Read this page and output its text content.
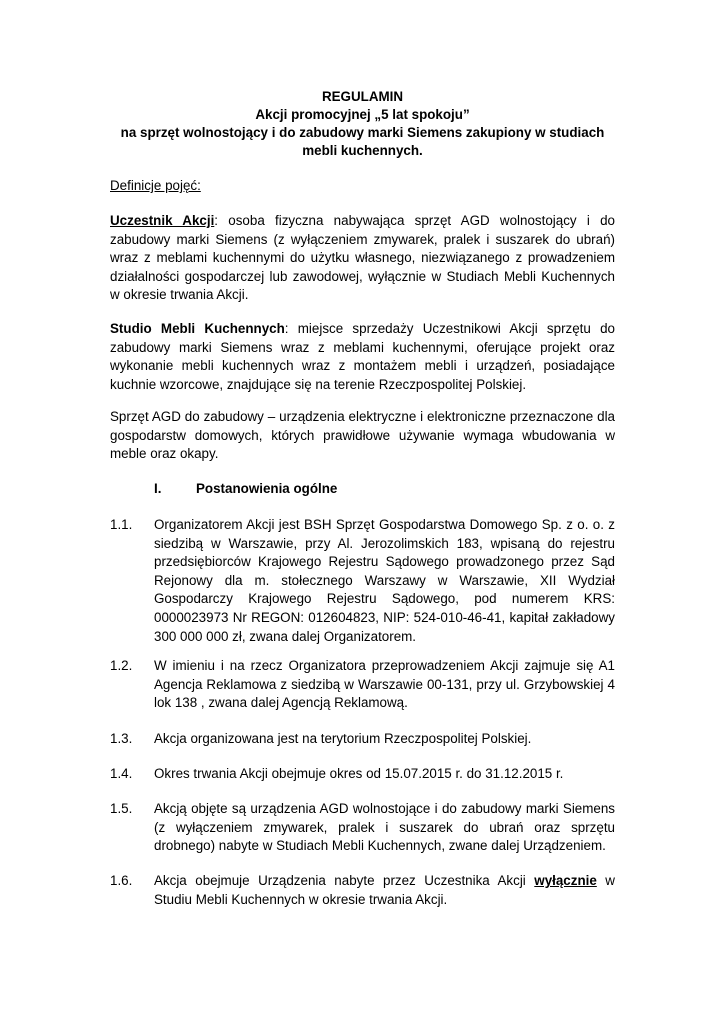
REGULAMIN
Akcji promocyjnej „5 lat spokoju”
na sprzęt wolnostojący i do zabudowy marki Siemens zakupiony w studiach mebli kuchennych.
Definicje pojęć:
Uczestnik Akcji: osoba fizyczna nabywająca sprzęt AGD wolnostojący i do zabudowy marki Siemens (z wyłączeniem zmywarek, pralek i suszarek do ubrań) wraz z meblami kuchennymi do użytku własnego, niezwiązanego z prowadzeniem działalności gospodarczej lub zawodowej, wyłącznie w Studiach Mebli Kuchennych w okresie trwania Akcji.
Studio Mebli Kuchennych: miejsce sprzedaży Uczestnikowi Akcji sprzętu do zabudowy marki Siemens wraz z meblami kuchennymi, oferujące projekt oraz wykonanie mebli kuchennych wraz z montażem mebli i urządzeń, posiadające kuchnie wzorcowe, znajdujące się na terenie Rzeczpospolitej Polskiej.
Sprzęt AGD do zabudowy – urządzenia elektryczne i elektroniczne przeznaczone dla gospodarstw domowych, których prawidłowe używanie wymaga wbudowania w meble oraz okapy.
I.	Postanowienia ogólne
1.1. Organizatorem Akcji jest BSH Sprzęt Gospodarstwa Domowego Sp. z o. o. z siedzibą w Warszawie, przy Al. Jerozolimskich 183, wpisaną do rejestru przedsiębiorców Krajowego Rejestru Sądowego prowadzonego przez Sąd Rejonowy dla m. stołecznego Warszawy w Warszawie, XII Wydział Gospodarczy Krajowego Rejestru Sądowego, pod numerem KRS: 0000023973 Nr REGON: 012604823, NIP: 524-010-46-41, kapitał zakładowy 300 000 000 zł, zwana dalej Organizatorem.
1.2. W imieniu i na rzecz Organizatora przeprowadzeniem Akcji zajmuje się A1 Agencja Reklamowa z siedzibą w Warszawie 00-131, przy ul. Grzybowskiej 4 lok 138 , zwana dalej Agencją Reklamową.
1.3. Akcja organizowana jest na terytorium Rzeczpospolitej Polskiej.
1.4. Okres trwania Akcji obejmuje okres od 15.07.2015 r. do 31.12.2015 r.
1.5. Akcją objęte są urządzenia AGD wolnostojące i do zabudowy marki Siemens (z wyłączeniem zmywarek, pralek i suszarek do ubrań oraz sprzętu drobnego) nabyte w Studiach Mebli Kuchennych, zwane dalej Urządzeniem.
1.6. Akcja obejmuje Urządzenia nabyte przez Uczestnika Akcji wyłącznie w Studiu Mebli Kuchennych w okresie trwania Akcji.
